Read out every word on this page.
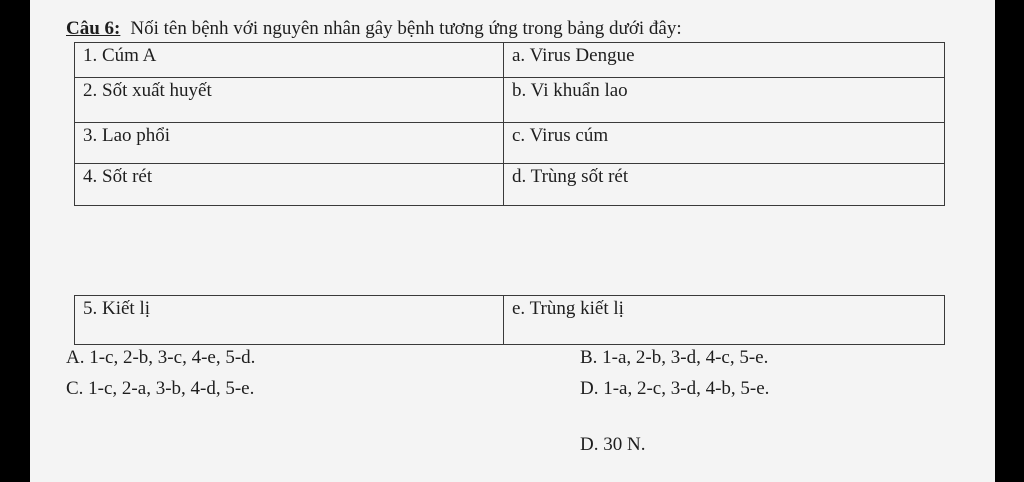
Câu 6: Nối tên bệnh với nguyên nhân gây bệnh tương ứng trong bảng dưới đây:
1. Cúm A	a. Virus Dengue
2. Sốt xuất huyết	b. Vi khuẩn lao
3. Lao phổi	c. Virus cúm
4. Sốt rét	d. Trùng sốt rét
5. Kiết lị	e. Trùng kiết lị
A. 1-c, 2-b, 3-c, 4-e, 5-d.	B. 1-a, 2-b, 3-d, 4-c, 5-e.
C. 1-c, 2-a, 3-b, 4-d, 5-e.	D. 1-a, 2-c, 3-d, 4-b, 5-e.
D. 30 N.
